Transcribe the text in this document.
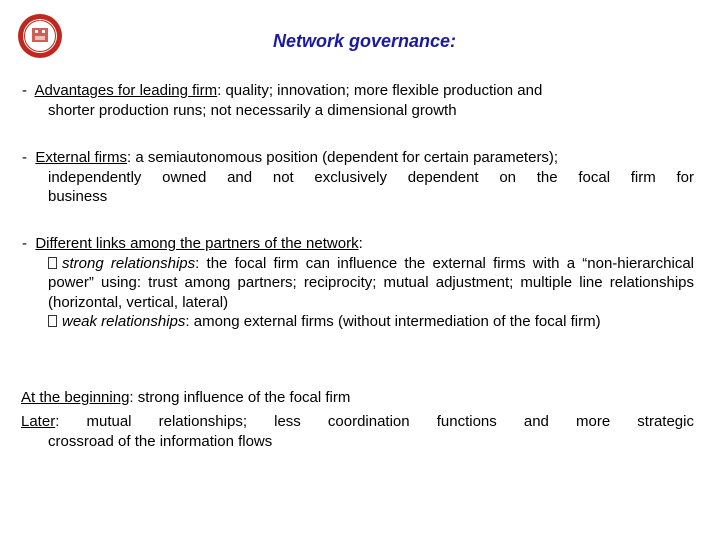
Network governance:
- Advantages for leading firm: quality; innovation; more flexible production and
shorter production runs; not necessarily a dimensional growth
- External firms: a semiautonomous position (dependent for certain parameters);
independently owned and not exclusively dependent on the focal firm for
business
- Different links among the partners of the network:
strong relationships: the focal firm can influence the external firms with a “non-hierarchical power” using: trust among partners; reciprocity; mutual adjustment; multiple line relationships (horizontal, vertical, lateral)
weak relationships: among external firms (without intermediation of the focal firm)
At the beginning: strong influence of the focal firm
Later: mutual relationships; less coordination functions and more strategic
crossroad of the information flows
